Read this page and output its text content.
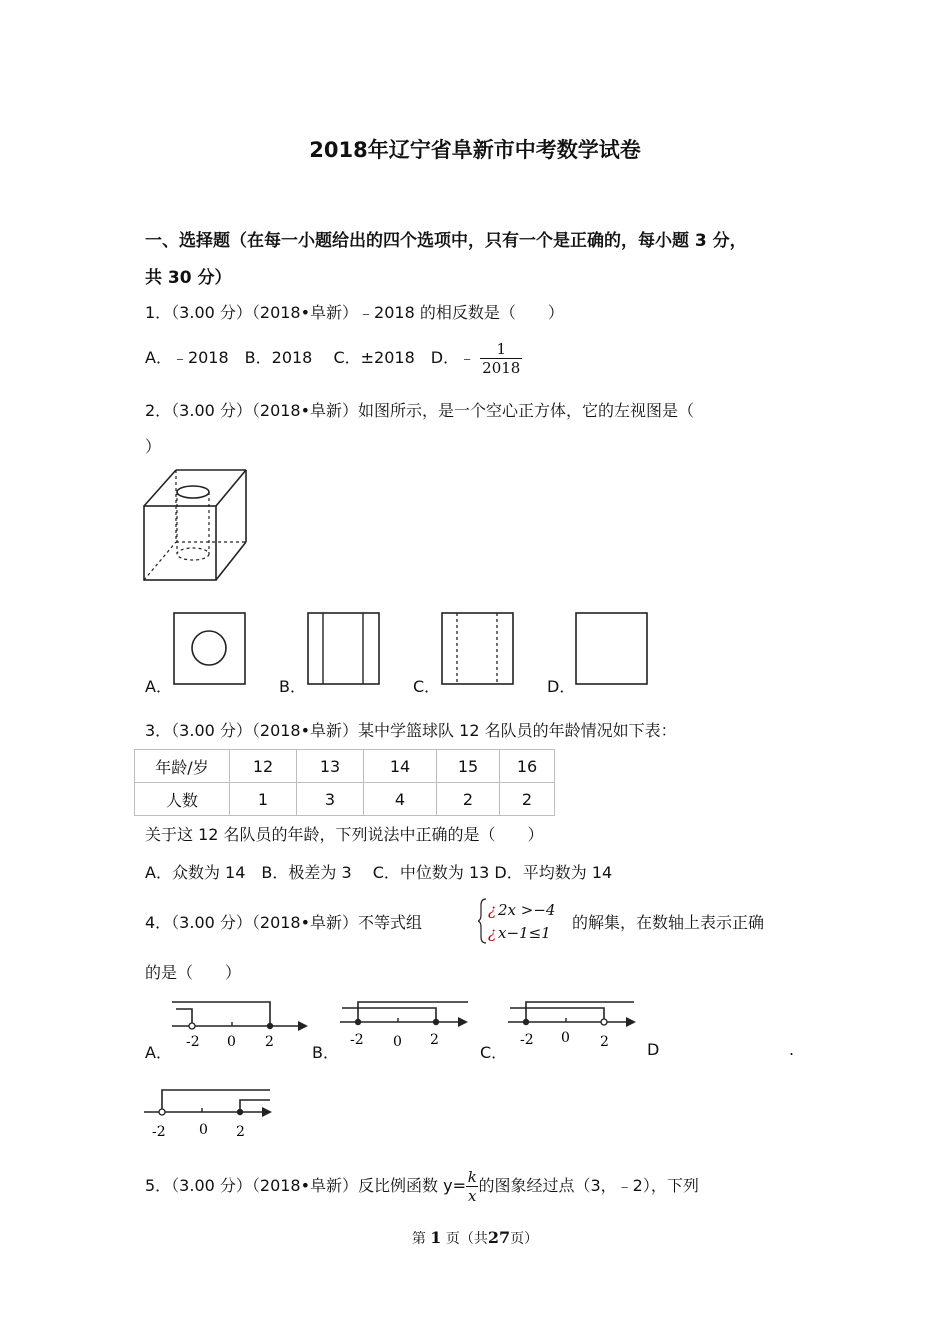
2018年辽宁省阜新市中考数学试卷
一、选择题（在每一小题给出的四个选项中，只有一个是正确的，每小题 3 分，
共 30 分）
1．（3.00 分）（2018•阜新）﹣2018 的相反数是（　　）
A．﹣2018　B．2018　 C．±2018　D．﹣ $\frac{1}{2018}$
2．（3.00 分）（2018•阜新）如图所示，是一个空心正方体，它的左视图是（
）
A．	B．	C．	D．
3．（3.00 分）（2018•阜新）某中学篮球队 12 名队员的年龄情况如下表：
年龄/岁	12	13	14	15	16
人数	1	3	4	2	2
关于这 12 名队员的年龄，下列说法中正确的是（　　）
A．众数为 14　B．极差为 3　 C．中位数为 13 D．平均数为 14
4．（3.00 分）（2018•阜新）不等式组
¿ 2x >−4
¿ x−1≤1
的解集，在数轴上表示正确
的是（　　）
A．
-2 0 2
B．
-2 0 2
C．
-2 0 2 D	.
-2 0 2
5．（3.00 分）（2018•阜新）反比例函数 $y= \frac{k}{x}$ 的图象经过点（3，﹣2），下列
第 1 页（共27页）
